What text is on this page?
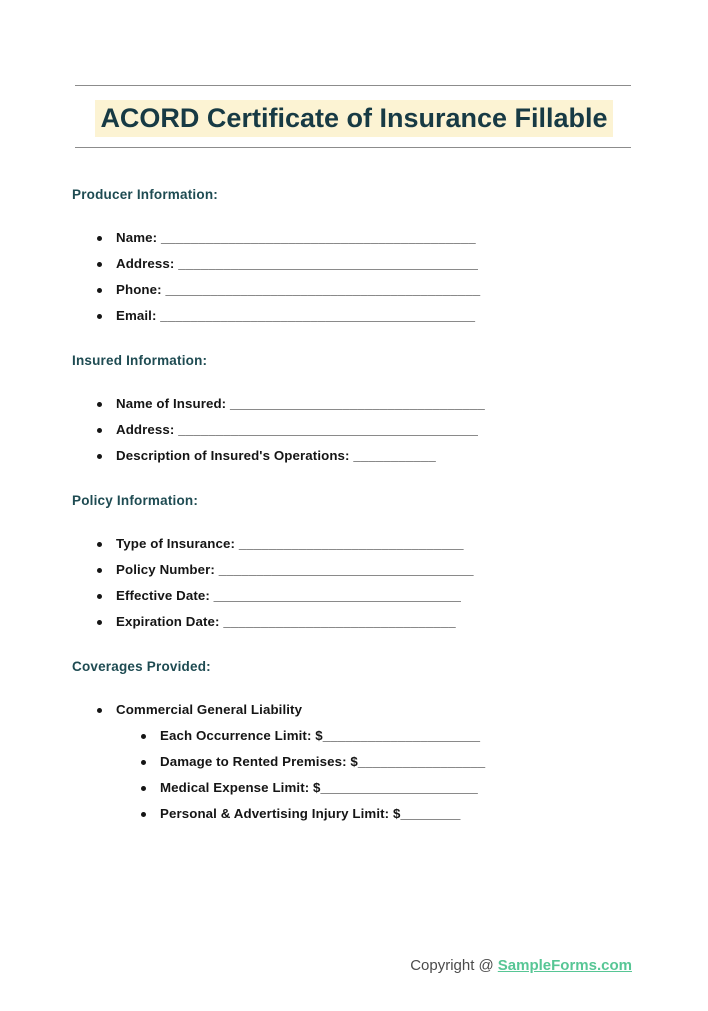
ACORD Certificate of Insurance Fillable
Producer Information:
Name: __________________________________________
Address: ________________________________________
Phone: __________________________________________
Email: __________________________________________
Insured Information:
Name of Insured: __________________________________
Address: ________________________________________
Description of Insured's Operations: ___________
Policy Information:
Type of Insurance: ______________________________
Policy Number: __________________________________
Effective Date: _________________________________
Expiration Date: _______________________________
Coverages Provided:
Commercial General Liability
Each Occurrence Limit: $_____________________
Damage to Rented Premises: $_________________
Medical Expense Limit: $_____________________
Personal & Advertising Injury Limit: $________
Copyright @ SampleForms.com
